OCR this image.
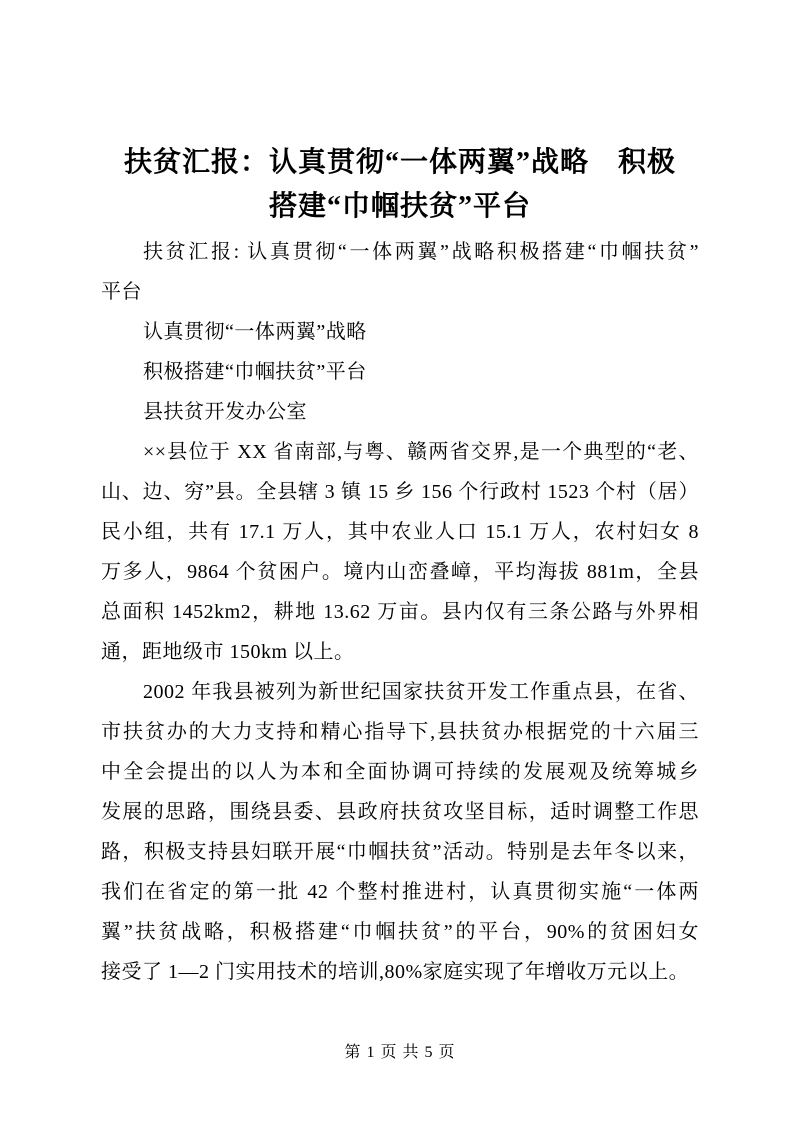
扶贫汇报：认真贯彻“一体两翼”战略　积极
搭建“巾帼扶贫”平台
扶贫汇报: 认真贯彻“一体两翼”战略积极搭建“巾帼扶贫”
平台
认真贯彻“一体两翼”战略
积极搭建“巾帼扶贫”平台
县扶贫开发办公室
××县位于 XX 省南部,与粤、赣两省交界,是一个典型的“老、
山、边、穷”县。全县辖 3 镇 15 乡 156 个行政村 1523 个村（居）
民小组，共有 17.1 万人，其中农业人口 15.1 万人，农村妇女 8
万多人，9864 个贫困户。境内山峦叠嶂，平均海拔 881m，全县
总面积 1452km2，耕地 13.62 万亩。县内仅有三条公路与外界相
通，距地级市 150km 以上。
2002 年我县被列为新世纪国家扶贫开发工作重点县，在省、
市扶贫办的大力支持和精心指导下,县扶贫办根据党的十六届三
中全会提出的以人为本和全面协调可持续的发展观及统筹城乡
发展的思路，围绕县委、县政府扶贫攻坚目标，适时调整工作思
路，积极支持县妇联开展“巾帼扶贫”活动。特别是去年冬以来，
我们在省定的第一批 42 个整村推进村，认真贯彻实施“一体两
翼”扶贫战略，积极搭建“巾帼扶贫”的平台，90%的贫困妇女
接受了 1—2 门实用技术的培训,80%家庭实现了年增收万元以上。
第 1 页 共 5 页
